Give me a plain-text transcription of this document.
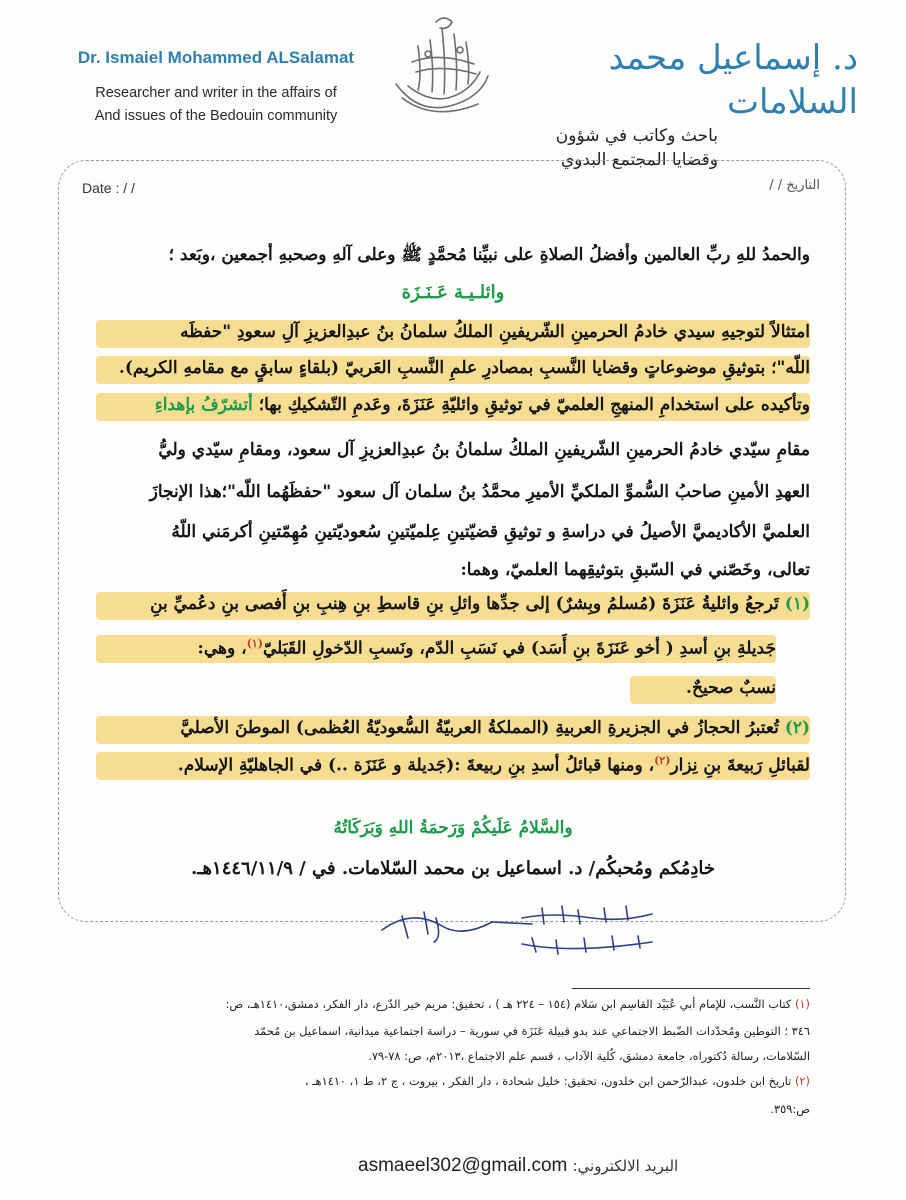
Dr. Ismaiel Mohammed ALSalamat
Researcher and writer in the affairs of
And issues of the Bedouin community
د. إسماعيل محمد السلامات
باحث وكاتب في شؤون
وقضايا المجتمع البدوي
Date : / /	التاريخ / /
والحمدُ للهِ ربِّ العالمين وأفضلُ الصلاةِ على نبيِّنا مُحمَّدٍ ﷺ وعلى آلهِ وصحبهِ أجمعين ،وبَعد ؛
وائلـيـة عَـنَـزَة
امتثالاً لتوجيهِ سيدي خادمُ الحرمينِ الشّريفينِ الملكُ سلمانُ بنُ عبدِالعزيزِ آلِ سعودِ "حفظَه
اللّه"؛ بتوثيقِ موضوعاتٍ وقضايا النَّسبِ بمصادرِ علمِ النَّسبِ العَربيّ (بلقاءٍ سابقٍ مع مقامهِ الكريم).
وتأكيده على استخدامِ المنهجِ العلميّ في توثيقِ وائليّةِ عَنَزَةَ، وعَدمِ التّشكيكِ بها؛ أتشرّفُ بإهداءِ
مقامِ سيّدي خادمُ الحرمينِ الشّريفينِ الملكُ سلمانُ بنُ عبدِالعزيزِ آل سعود، ومقامِ سيّدي وليُّ
العهدِ الأمينِ صاحبُ السُّموِّ الملكيِّ الأميرِ محمَّدُ بنُ سلمان آل سعود "حفظَهُما اللّه"؛هذا الإنجازَ
العلميَّ الأكاديميَّ الأصيلُ في دراسةِ و توثيقِ قضيّتينِ عِلميّتينِ سُعوديّتينِ مُهِمّتينِ أكرمَني اللّهُ
تعالى، وخَصّني في السّبقِ بتوثيقِهما العلميّ، وهما:
(١) تَرجعُ وائليةُ عَنَزَةَ (مُسلمُ وبِشرٌ) إلى جدِّها وائلِ بنِ قاسطِ بنِ هِنبِ بنِ أَفصى بنِ دعُميِّ بنِ
جَديلةِ بنِ أسدِ ( أخو عَنَزَةَ بنِ أَسَد) في نَسَبِ الدّم، ونَسبِ الدّخولِ القَبَليّ$^{(١)}$، وهي:
نسبٌ صحيحٌ.
(٢) تُعتبرُ الحجازُ في الجزيرةِ العربيةِ (المملكةُ العربيّةُ السُّعوديّةُ العُظمى) الموطنَ الأصليَّ
لقبائلِ رَبيعةَ بنِ نِزار$^{(٢)}$، ومنها قبائلُ أسدِ بنِ ربيعةَ :(جَديلة و عَنَزَة ..) في الجاهليّةِ الإسلام.
والسَّلامُ عَلَيكُمْ وَرَحمَةُ اللهِ وَبَرَكَاتُهُ
خادِمُكم ومُحبكُم/ د. اسماعيل بن محمد السّلامات. في / ١٤٤٦/١١/٩هـ.
(١) كتاب النَّسب، للإمام أبي عُبَيْد القاسِم ابن سَلام (١٥٤ – ٢٢٤ هـ ) ، تحقيق: مريم خير الدّرع، دار الفكر، دمشق،١٤١٠هـ، ص:
٣٤٦ ؛ التوطين ومُحدّدات الضّبط الاجتماعي عند بدو قبيلة عَنَزَة في سورية – دراسة اجتماعية ميدانية، اسماعيل بن مُحمّد
السّلامات، رسالة دُكتوراه، جامعة دمشق، كُلية الآداب ، قسم علم الاجتماع ،٢٠١٣م، ص: ٧٨-٧٩.
(٢) تاريخ ابن خلدون، عبدالرّحمن ابن خلدون، تحقيق: خليل شحادة ، دار الفكر ، بيروت ، ج ٢، ط ١، ١٤١٠هـ ،
ص:٣٥٩.
البريد الالكتروني: asmaeel302@gmail.com
